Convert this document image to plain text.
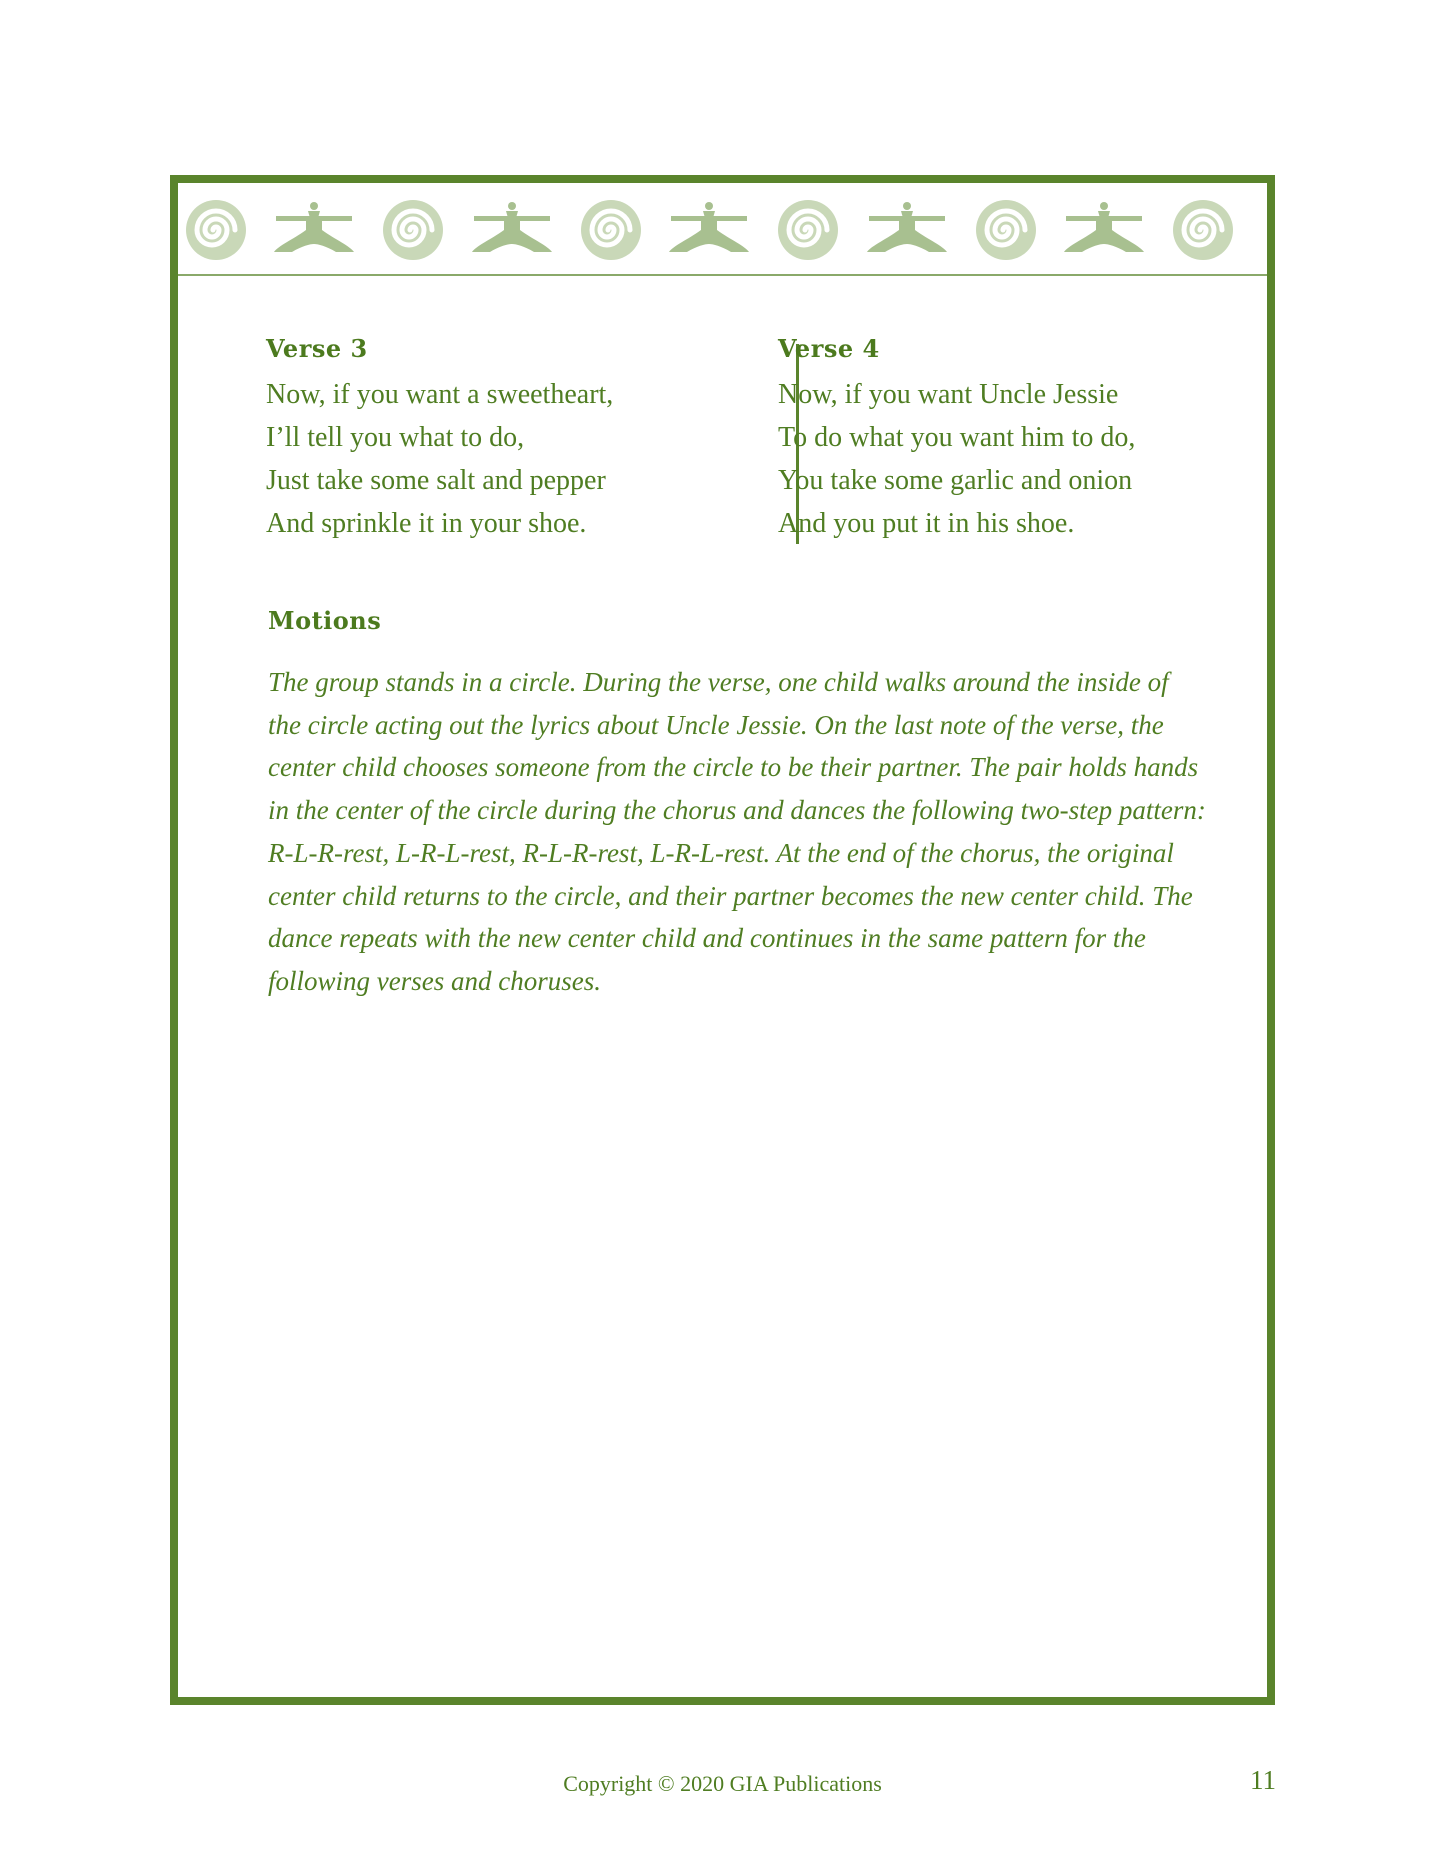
Verse 3
Now, if you want a sweetheart,
I’ll tell you what to do,
Just take some salt and pepper
And sprinkle it in your shoe.
Verse 4
Now, if you want Uncle Jessie
To do what you want him to do,
You take some garlic and onion
And you put it in his shoe.
Motions
The group stands in a circle. During the verse, one child walks around the inside of
the circle acting out the lyrics about Uncle Jessie. On the last note of the verse, the
center child chooses someone from the circle to be their partner. The pair holds hands
in the center of the circle during the chorus and dances the following two-step pattern:
R-L-R-rest, L-R-L-rest, R-L-R-rest, L-R-L-rest. At the end of the chorus, the original
center child returns to the circle, and their partner becomes the new center child. The
dance repeats with the new center child and continues in the same pattern for the
following verses and choruses.
Copyright © 2020 GIA Publications	11
